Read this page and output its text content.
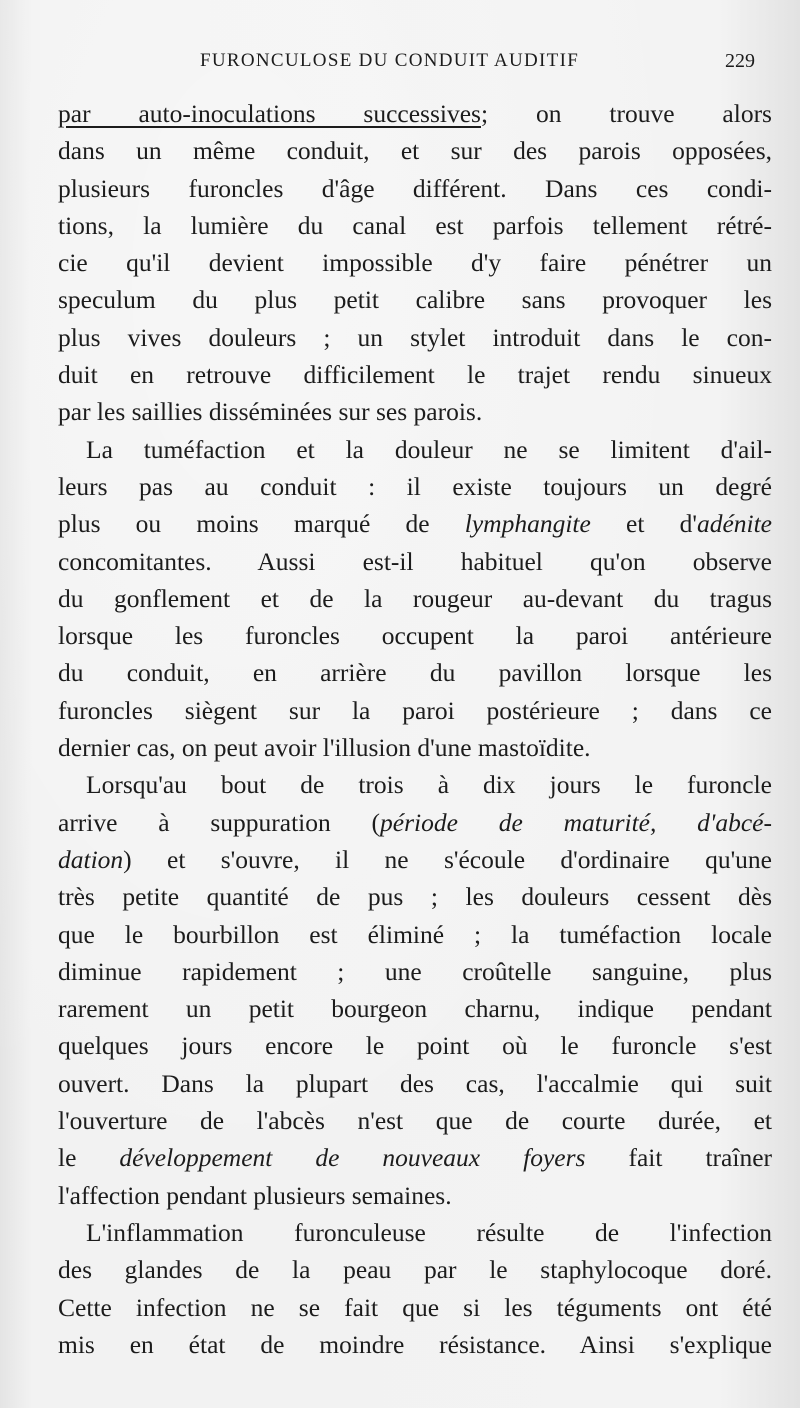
FURONCULOSE DU CONDUIT AUDITIF	229
par auto-inoculations successives; on trouve alors
dans un même conduit, et sur des parois opposées,
plusieurs furoncles d'âge différent. Dans ces condi-
tions, la lumière du canal est parfois tellement rétré-
cie qu'il devient impossible d'y faire pénétrer un
speculum du plus petit calibre sans provoquer les
plus vives douleurs ; un stylet introduit dans le con-
duit en retrouve difficilement le trajet rendu sinueux
par les saillies disséminées sur ses parois.
La tuméfaction et la douleur ne se limitent d'ail-
leurs pas au conduit : il existe toujours un degré
plus ou moins marqué de lymphangite et d'adénite
concomitantes. Aussi est-il habituel qu'on observe
du gonflement et de la rougeur au-devant du tragus
lorsque les furoncles occupent la paroi antérieure
du conduit, en arrière du pavillon lorsque les
furoncles siègent sur la paroi postérieure ; dans ce
dernier cas, on peut avoir l'illusion d'une mastoïdite.
Lorsqu'au bout de trois à dix jours le furoncle
arrive à suppuration (période de maturité, d'abcé-
dation) et s'ouvre, il ne s'écoule d'ordinaire qu'une
très petite quantité de pus ; les douleurs cessent dès
que le bourbillon est éliminé ; la tuméfaction locale
diminue rapidement ; une croûtelle sanguine, plus
rarement un petit bourgeon charnu, indique pendant
quelques jours encore le point où le furoncle s'est
ouvert. Dans la plupart des cas, l'accalmie qui suit
l'ouverture de l'abcès n'est que de courte durée, et
le développement de nouveaux foyers fait traîner
l'affection pendant plusieurs semaines.
L'inflammation furonculeuse résulte de l'infection
des glandes de la peau par le staphylocoque doré.
Cette infection ne se fait que si les téguments ont été
mis en état de moindre résistance. Ainsi s'explique
